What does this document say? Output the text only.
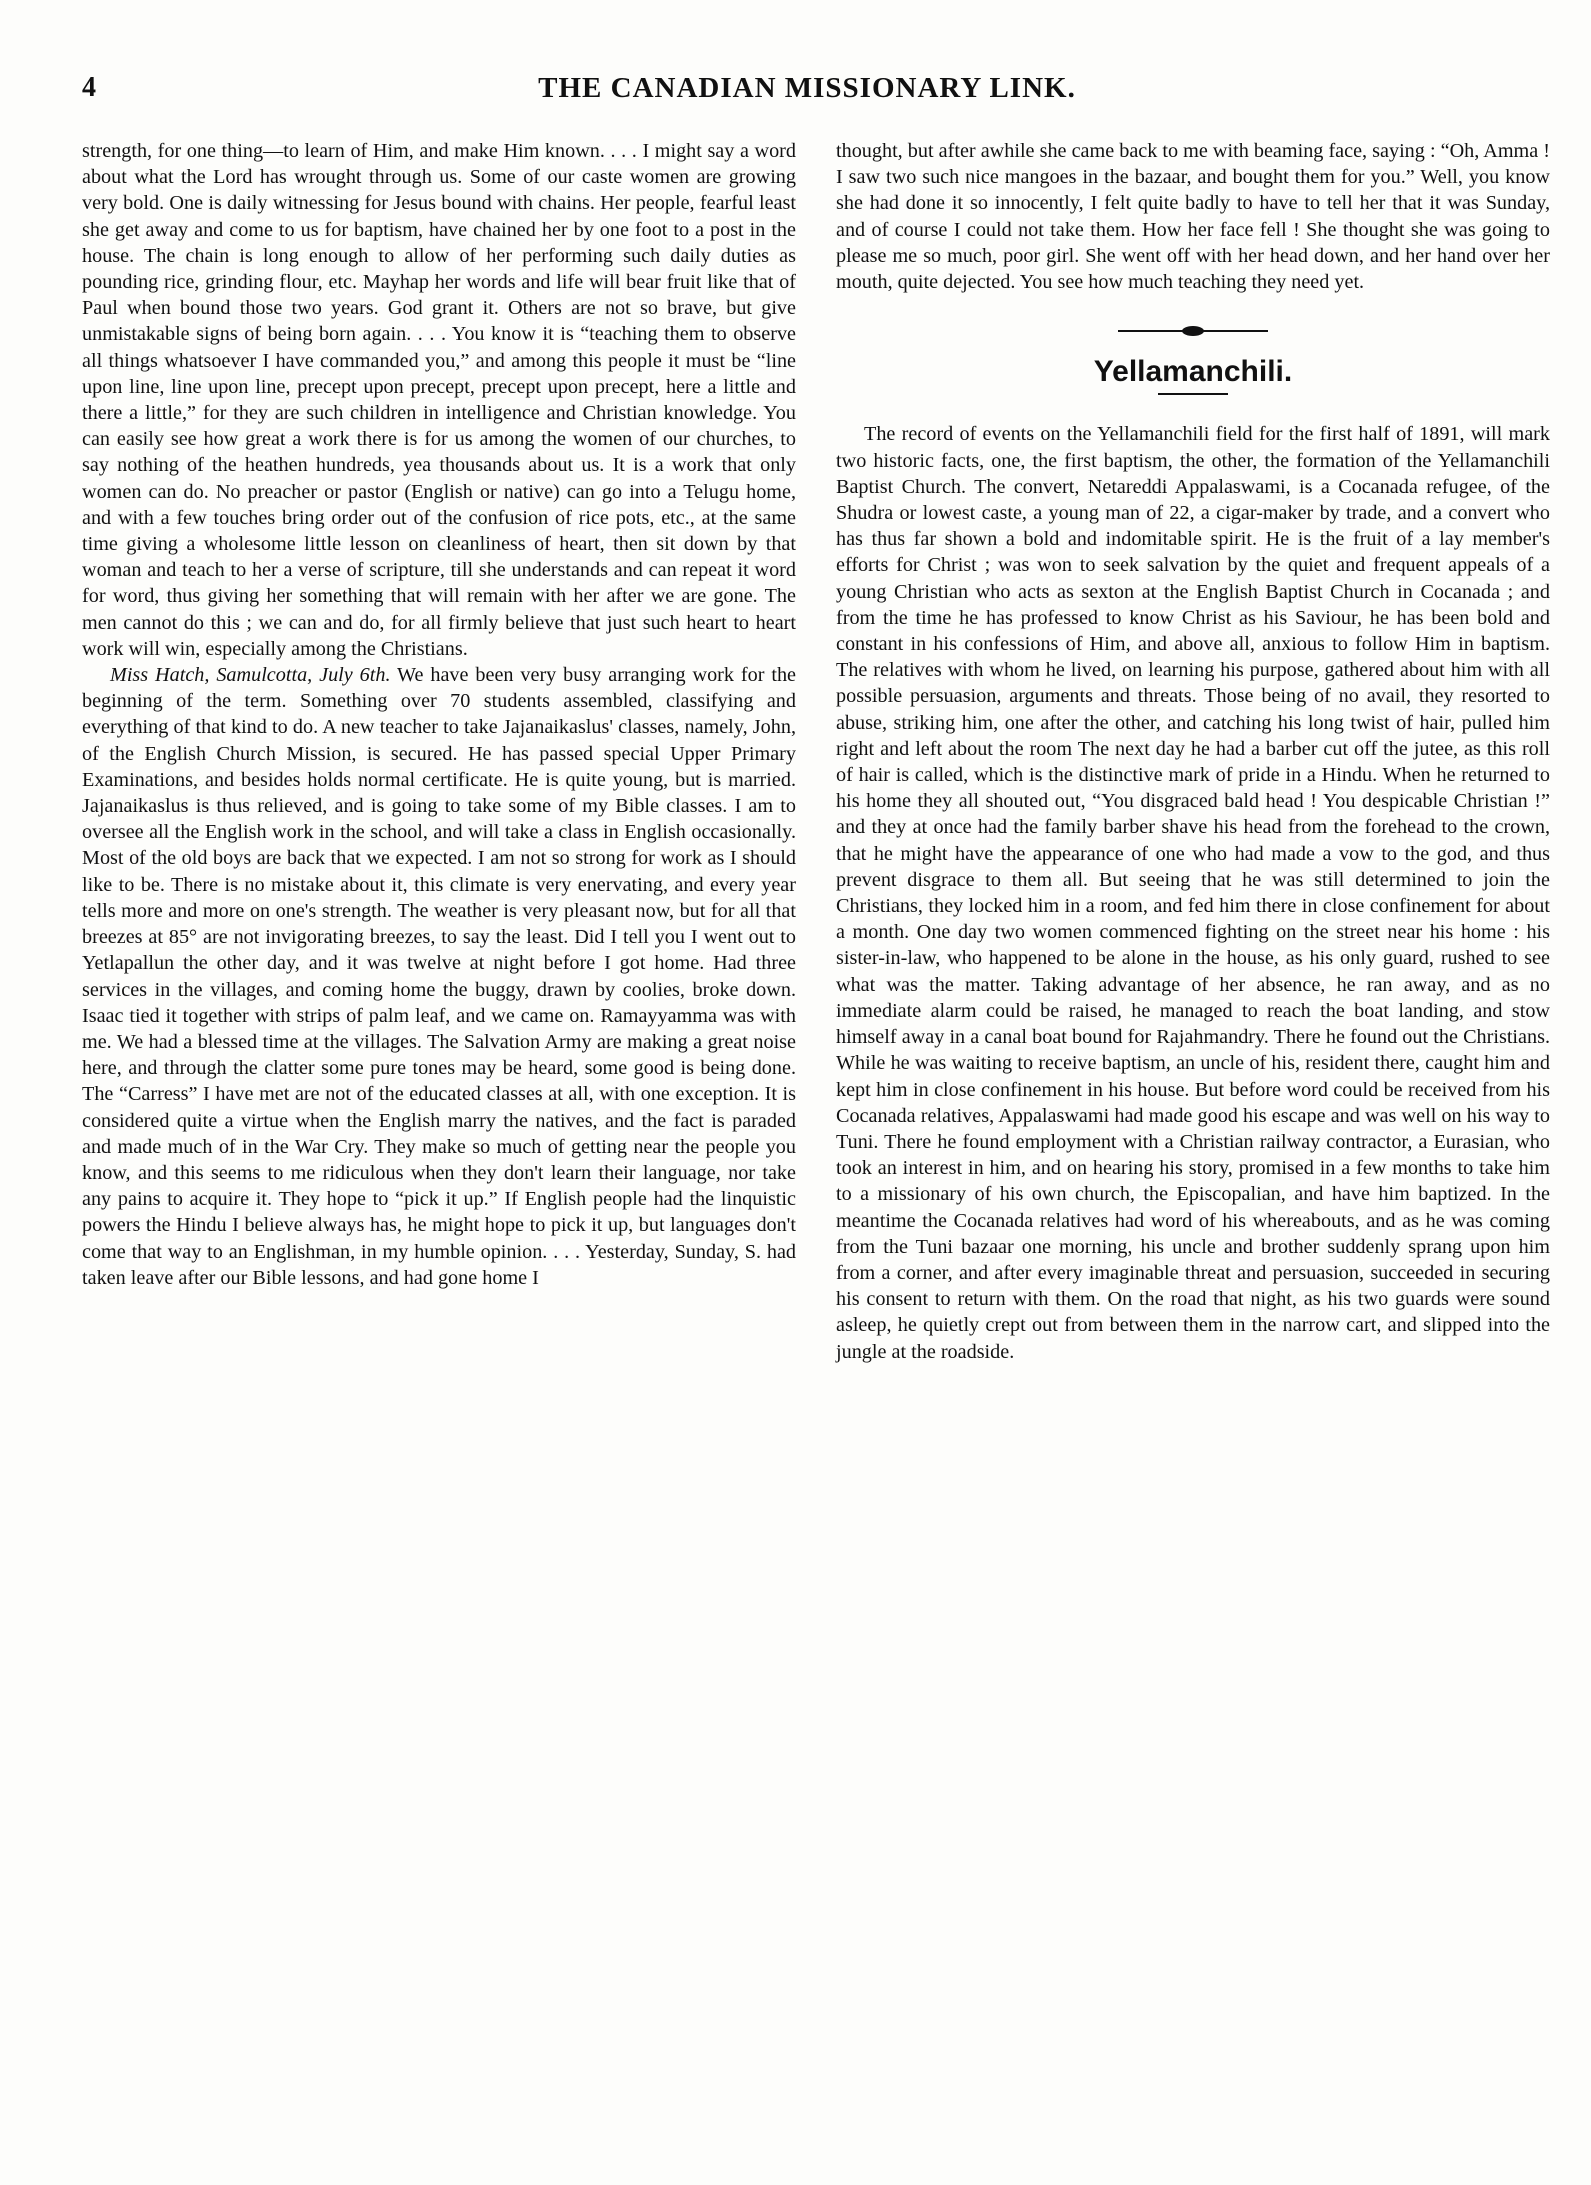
4	THE CANADIAN MISSIONARY LINK.

strength, for one thing—to learn of Him, and make Him known. . . . I might say a word about what the Lord has wrought through us. Some of our caste women are growing very bold. One is daily witnessing for Jesus bound with chains. Her people, fearful least she get away and come to us for baptism, have chained her by one foot to a post in the house. The chain is long enough to allow of her performing such daily duties as pounding rice, grinding flour, etc. Mayhap her words and life will bear fruit like that of Paul when bound those two years. God grant it. Others are not so brave, but give unmistakable signs of being born again. . . . You know it is “teaching them to observe all things whatsoever I have commanded you,” and among this people it must be “line upon line, line upon line, precept upon precept, precept upon precept, here a little and there a little,” for they are such children in intelligence and Christian knowledge. You can easily see how great a work there is for us among the women of our churches, to say nothing of the heathen hundreds, yea thousands about us. It is a work that only women can do. No preacher or pastor (English or native) can go into a Telugu home, and with a few touches bring order out of the confusion of rice pots, etc., at the same time giving a wholesome little lesson on cleanliness of heart, then sit down by that woman and teach to her a verse of scripture, till she understands and can repeat it word for word, thus giving her something that will remain with her after we are gone. The men cannot do this ; we can and do, for all firmly believe that just such heart to heart work will win, especially among the Christians.

Miss Hatch, Samulcotta, July 6th. We have been very busy arranging work for the beginning of the term. Something over 70 students assembled, classifying and everything of that kind to do. A new teacher to take Jajanaikaslus' classes, namely, John, of the English Church Mission, is secured. He has passed special Upper Primary Examinations, and besides holds normal certificate. He is quite young, but is married. Jajanaikaslus is thus relieved, and is going to take some of my Bible classes. I am to oversee all the English work in the school, and will take a class in English occasionally. Most of the old boys are back that we expected. I am not so strong for work as I should like to be. There is no mistake about it, this climate is very enervating, and every year tells more and more on one's strength. The weather is very pleasant now, but for all that breezes at 85° are not invigorating breezes, to say the least. Did I tell you I went out to Yetlapallun the other day, and it was twelve at night before I got home. Had three services in the villages, and coming home the buggy, drawn by coolies, broke down. Isaac tied it together with strips of palm leaf, and we came on. Ramayyamma was with me. We had a blessed time at the villages. The Salvation Army are making a great noise here, and through the clatter some pure tones may be heard, some good is being done. The “Carress” I have met are not of the educated classes at all, with one exception. It is considered quite a virtue when the English marry the natives, and the fact is paraded and made much of in the War Cry. They make so much of getting near the people you know, and this seems to me ridiculous when they don't learn their language, nor take any pains to acquire it. They hope to “pick it up.” If English people had the linquistic powers the Hindu I believe always has, he might hope to pick it up, but languages don't come that way to an Englishman, in my humble opinion. . . . Yesterday, Sunday, S. had taken leave after our Bible lessons, and had gone home I

thought, but after awhile she came back to me with beaming face, saying : “Oh, Amma ! I saw two such nice mangoes in the bazaar, and bought them for you.” Well, you know she had done it so innocently, I felt quite badly to have to tell her that it was Sunday, and of course I could not take them. How her face fell ! She thought she was going to please me so much, poor girl. She went off with her head down, and her hand over her mouth, quite dejected. You see how much teaching they need yet.

Yellamanchili.

The record of events on the Yellamanchili field for the first half of 1891, will mark two historic facts, one, the first baptism, the other, the formation of the Yellamanchili Baptist Church. The convert, Netareddi Appalaswami, is a Cocanada refugee, of the Shudra or lowest caste, a young man of 22, a cigar-maker by trade, and a convert who has thus far shown a bold and indomitable spirit. He is the fruit of a lay member's efforts for Christ ; was won to seek salvation by the quiet and frequent appeals of a young Christian who acts as sexton at the English Baptist Church in Cocanada ; and from the time he has professed to know Christ as his Saviour, he has been bold and constant in his confessions of Him, and above all, anxious to follow Him in baptism. The relatives with whom he lived, on learning his purpose, gathered about him with all possible persuasion, arguments and threats. Those being of no avail, they resorted to abuse, striking him, one after the other, and catching his long twist of hair, pulled him right and left about the room The next day he had a barber cut off the jutee, as this roll of hair is called, which is the distinctive mark of pride in a Hindu. When he returned to his home they all shouted out, “You disgraced bald head ! You despicable Christian !” and they at once had the family barber shave his head from the forehead to the crown, that he might have the appearance of one who had made a vow to the god, and thus prevent disgrace to them all. But seeing that he was still determined to join the Christians, they locked him in a room, and fed him there in close confinement for about a month. One day two women commenced fighting on the street near his home : his sister-in-law, who happened to be alone in the house, as his only guard, rushed to see what was the matter. Taking advantage of her absence, he ran away, and as no immediate alarm could be raised, he managed to reach the boat landing, and stow himself away in a canal boat bound for Rajahmandry. There he found out the Christians. While he was waiting to receive baptism, an uncle of his, resident there, caught him and kept him in close confinement in his house. But before word could be received from his Cocanada relatives, Appalaswami had made good his escape and was well on his way to Tuni. There he found employment with a Christian railway contractor, a Eurasian, who took an interest in him, and on hearing his story, promised in a few months to take him to a missionary of his own church, the Episcopalian, and have him baptized. In the meantime the Cocanada relatives had word of his whereabouts, and as he was coming from the Tuni bazaar one morning, his uncle and brother suddenly sprang upon him from a corner, and after every imaginable threat and persuasion, succeeded in securing his consent to return with them. On the road that night, as his two guards were sound asleep, he quietly crept out from between them in the narrow cart, and slipped into the jungle at the roadside.
